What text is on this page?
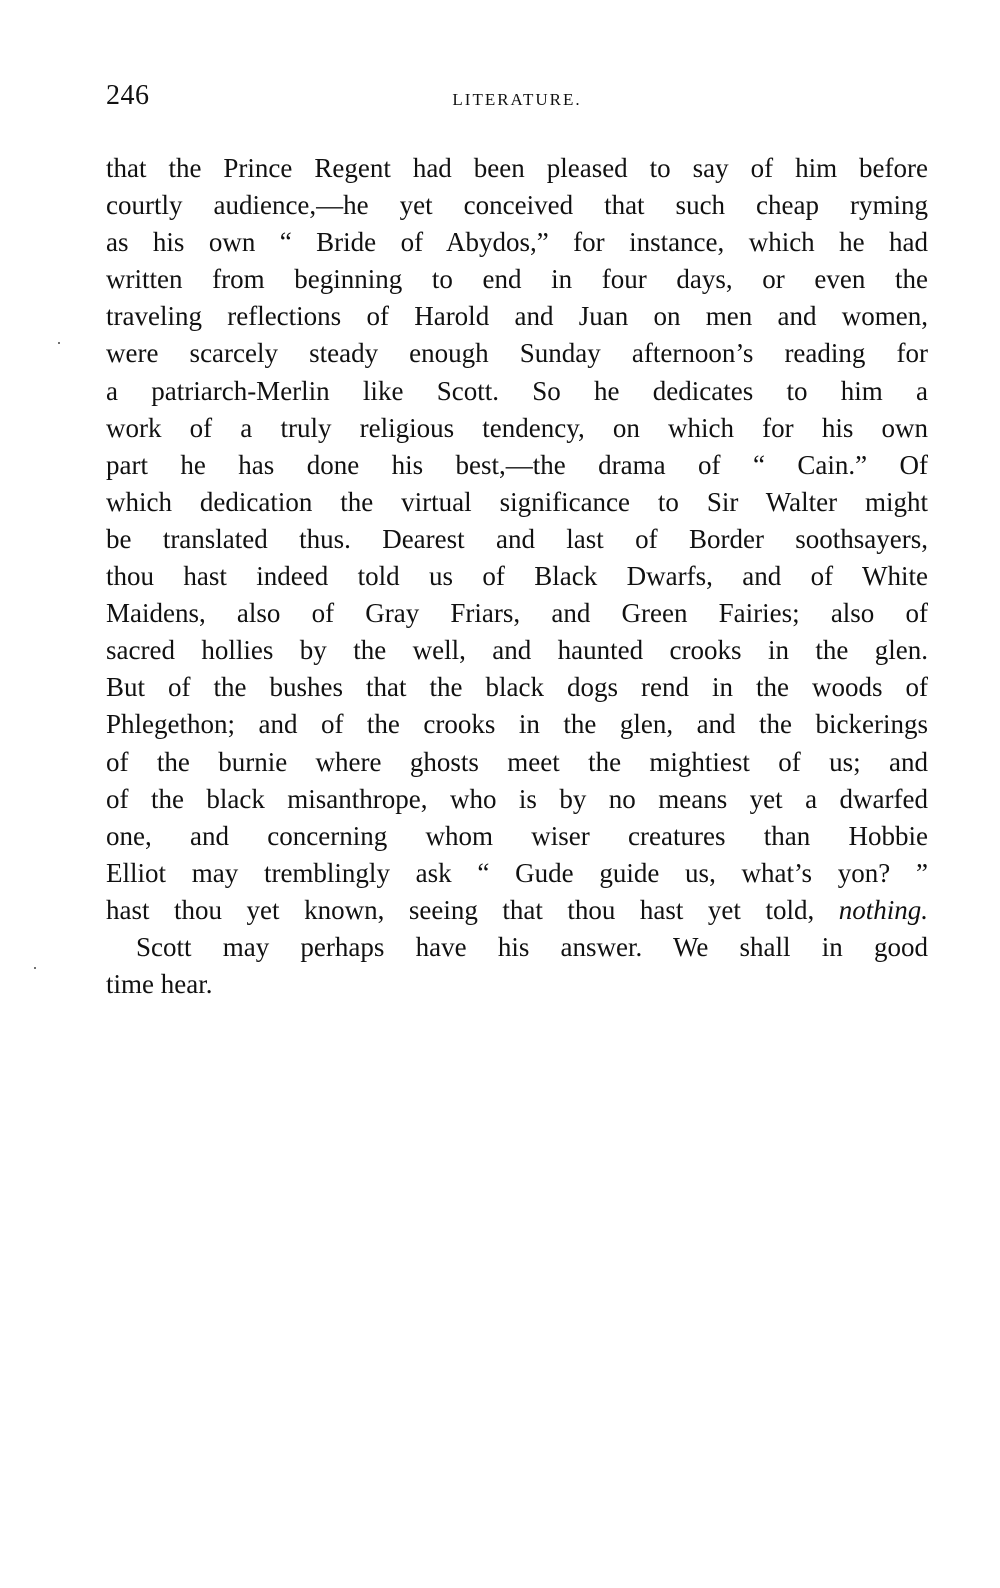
246	LITERATURE.
that the Prince Regent had been pleased to say of him before
courtly audience,—he yet conceived that such cheap ryming
as his own “ Bride of Abydos,” for instance, which he had
written from beginning to end in four days, or even the
traveling reflections of Harold and Juan on men and women,
were scarcely steady enough Sunday afternoon’s reading for
a patriarch-Merlin like Scott. So he dedicates to him a
work of a truly religious tendency, on which for his own
part he has done his best,—the drama of “ Cain.” Of
which dedication the virtual significance to Sir Walter might
be translated thus. Dearest and last of Border soothsayers,
thou hast indeed told us of Black Dwarfs, and of White
Maidens, also of Gray Friars, and Green Fairies; also of
sacred hollies by the well, and haunted crooks in the glen.
But of the bushes that the black dogs rend in the woods of
Phlegethon; and of the crooks in the glen, and the bickerings
of the burnie where ghosts meet the mightiest of us; and
of the black misanthrope, who is by no means yet a dwarfed
one, and concerning whom wiser creatures than Hobbie
Elliot may tremblingly ask “ Gude guide us, what’s yon? ”
hast thou yet known, seeing that thou hast yet told, nothing.
Scott may perhaps have his answer. We shall in good
time hear.
